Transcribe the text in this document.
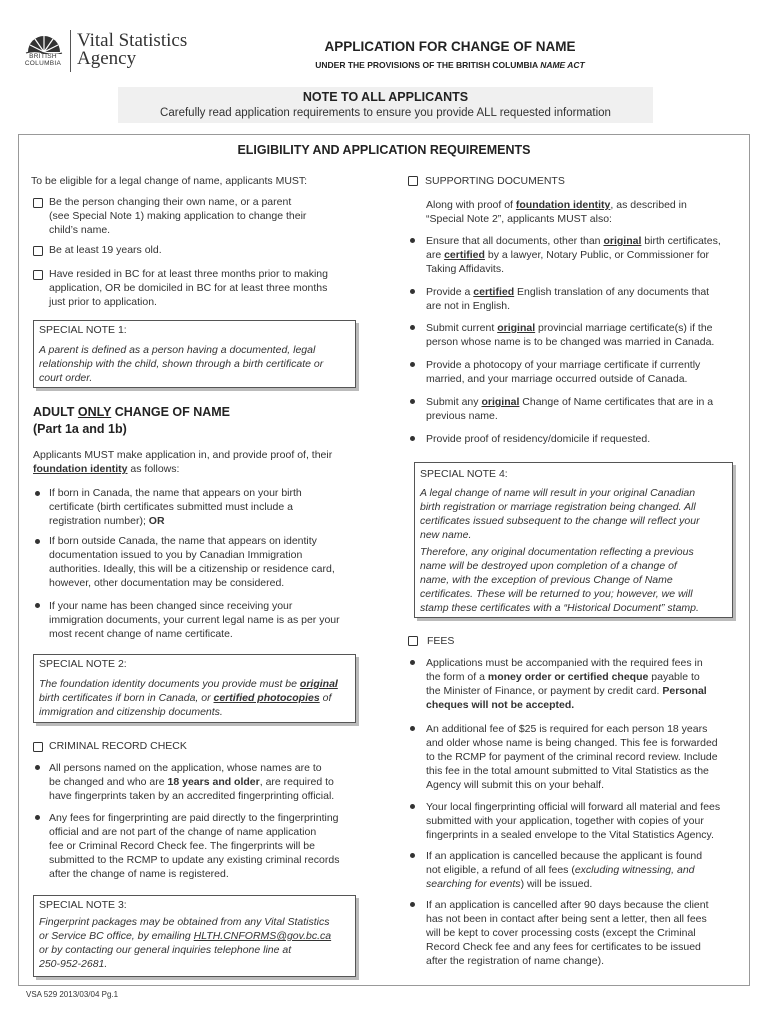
BRITISH
COLUMBIA
Vital Statistics
Agency
APPLICATION FOR CHANGE OF NAME
UNDER THE PROVISIONS OF THE BRITISH COLUMBIA NAME ACT
NOTE TO ALL APPLICANTS
Carefully read application requirements to ensure you provide ALL requested information
ELIGIBILITY AND APPLICATION REQUIREMENTS
To be eligible for a legal change of name, applicants MUST:
Be the person changing their own name, or a parent
(see Special Note 1) making application to change their
child’s name.
Be at least 19 years old.
Have resided in BC for at least three months prior to making
application, OR be domiciled in BC for at least three months
just prior to application.
SPECIAL NOTE 1:
A parent is defined as a person having a documented, legal
relationship with the child, shown through a birth certificate or
court order.
ADULT ONLY CHANGE OF NAME
(Part 1a and 1b)
Applicants MUST make application in, and provide proof of, their
foundation identity as follows:
If born in Canada, the name that appears on your birth
certificate (birth certificates submitted must include a
registration number); OR
If born outside Canada, the name that appears on identity
documentation issued to you by Canadian Immigration
authorities. Ideally, this will be a citizenship or residence card,
however, other documentation may be considered.
If your name has been changed since receiving your
immigration documents, your current legal name is as per your
most recent change of name certificate.
SPECIAL NOTE 2:
The foundation identity documents you provide must be original
birth certificates if born in Canada, or certified photocopies of
immigration and citizenship documents.
CRIMINAL RECORD CHECK
All persons named on the application, whose names are to
be changed and who are 18 years and older, are required to
have fingerprints taken by an accredited fingerprinting official.
Any fees for fingerprinting are paid directly to the fingerprinting
official and are not part of the change of name application
fee or Criminal Record Check fee. The fingerprints will be
submitted to the RCMP to update any existing criminal records
after the change of name is registered.
SPECIAL NOTE 3:
Fingerprint packages may be obtained from any Vital Statistics
or Service BC office, by emailing HLTH.CNFORMS@gov.bc.ca
or by contacting our general inquiries telephone line at
250-952-2681.
SUPPORTING DOCUMENTS
Along with proof of foundation identity, as described in
“Special Note 2”, applicants MUST also:
Ensure that all documents, other than original birth certificates,
are certified by a lawyer, Notary Public, or Commissioner for
Taking Affidavits.
Provide a certified English translation of any documents that
are not in English.
Submit current original provincial marriage certificate(s) if the
person whose name is to be changed was married in Canada.
Provide a photocopy of your marriage certificate if currently
married, and your marriage occurred outside of Canada.
Submit any original Change of Name certificates that are in a
previous name.
Provide proof of residency/domicile if requested.
SPECIAL NOTE 4:
A legal change of name will result in your original Canadian
birth registration or marriage registration being changed. All
certificates issued subsequent to the change will reflect your
new name.
Therefore, any original documentation reflecting a previous
name will be destroyed upon completion of a change of
name, with the exception of previous Change of Name
certificates. These will be returned to you; however, we will
stamp these certificates with a “Historical Document” stamp.
FEES
Applications must be accompanied with the required fees in
the form of a money order or certified cheque payable to
the Minister of Finance, or payment by credit card. Personal
cheques will not be accepted.
An additional fee of $25 is required for each person 18 years
and older whose name is being changed. This fee is forwarded
to the RCMP for payment of the criminal record review. Include
this fee in the total amount submitted to Vital Statistics as the
Agency will submit this on your behalf.
Your local fingerprinting official will forward all material and fees
submitted with your application, together with copies of your
fingerprints in a sealed envelope to the Vital Statistics Agency.
If an application is cancelled because the applicant is found
not eligible, a refund of all fees (excluding witnessing, and
searching for events) will be issued.
If an application is cancelled after 90 days because the client
has not been in contact after being sent a letter, then all fees
will be kept to cover processing costs (except the Criminal
Record Check fee and any fees for certificates to be issued
after the registration of name change).
VSA 529 2013/03/04 Pg.1
